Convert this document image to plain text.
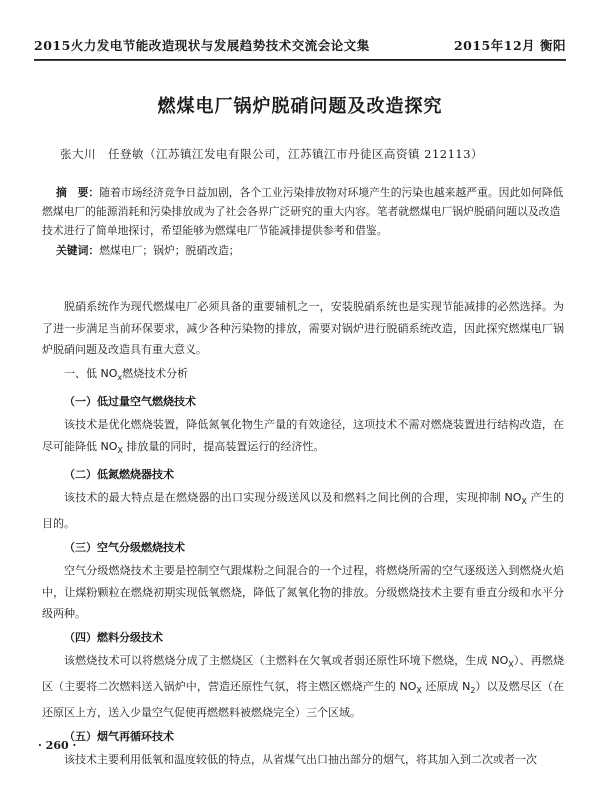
2015火力发电节能改造现状与发展趋势技术交流会论文集	2015年12月 衡阳
燃煤电厂锅炉脱硝问题及改造探究
张大川　任登敏（江苏镇江发电有限公司，江苏镇江市丹徒区高资镇 212113）
摘　要：随着市场经济竞争日益加剧，各个工业污染排放物对环境产生的污染也越来越严重。因此如何降低燃煤电厂的能源消耗和污染排放成为了社会各界广泛研究的重大内容。笔者就燃煤电厂锅炉脱硝问题以及改造技术进行了简单地探讨，希望能够为燃煤电厂节能减排提供参考和借鉴。
关键词：燃煤电厂；锅炉；脱硝改造；

脱硝系统作为现代燃煤电厂必须具备的重要辅机之一，安装脱硝系统也是实现节能减排的必然选择。为了进一步满足当前环保要求，减少各种污染物的排放，需要对锅炉进行脱硝系统改造，因此探究燃煤电厂锅炉脱硝问题及改造具有重大意义。

一、低 $NO_x$燃烧技术分析
（一）低过量空气燃烧技术

该技术是优化燃烧装置，降低氮氧化物生产量的有效途径，这项技术不需对燃烧装置进行结构改造，在尽可能降低 $NO_X$ 排放量的同时，提高装置运行的经济性。

（二）低氮燃烧器技术

该技术的最大特点是在燃烧器的出口实现分级送风以及和燃料之间比例的合理，实现抑制 $NO_X$ 产生的目的。

（三）空气分级燃烧技术

空气分级燃烧技术主要是控制空气跟煤粉之间混合的一个过程，将燃烧所需的空气逐级送入到燃烧火焰中，让煤粉颗粒在燃烧初期实现低氧燃烧，降低了氮氧化物的排放。分级燃烧技术主要有垂直分级和水平分级两种。

（四）燃料分级技术

该燃烧技术可以将燃烧分成了主燃烧区（主燃料在欠氧或者弱还原性环境下燃烧，生成 $NO_X$）、再燃烧区（主要将二次燃料送入锅炉中，营造还原性气氛，将主燃区燃烧产生的 $NO_X$ 还原成 $N_2$）以及燃尽区（在还原区上方，送入少量空气促使再燃燃料被燃烧完全）三个区域。

（五）烟气再循环技术

该技术主要利用低氧和温度较低的特点，从省煤气出口抽出部分的烟气，将其加入到二次或者一次

· 260 ·
